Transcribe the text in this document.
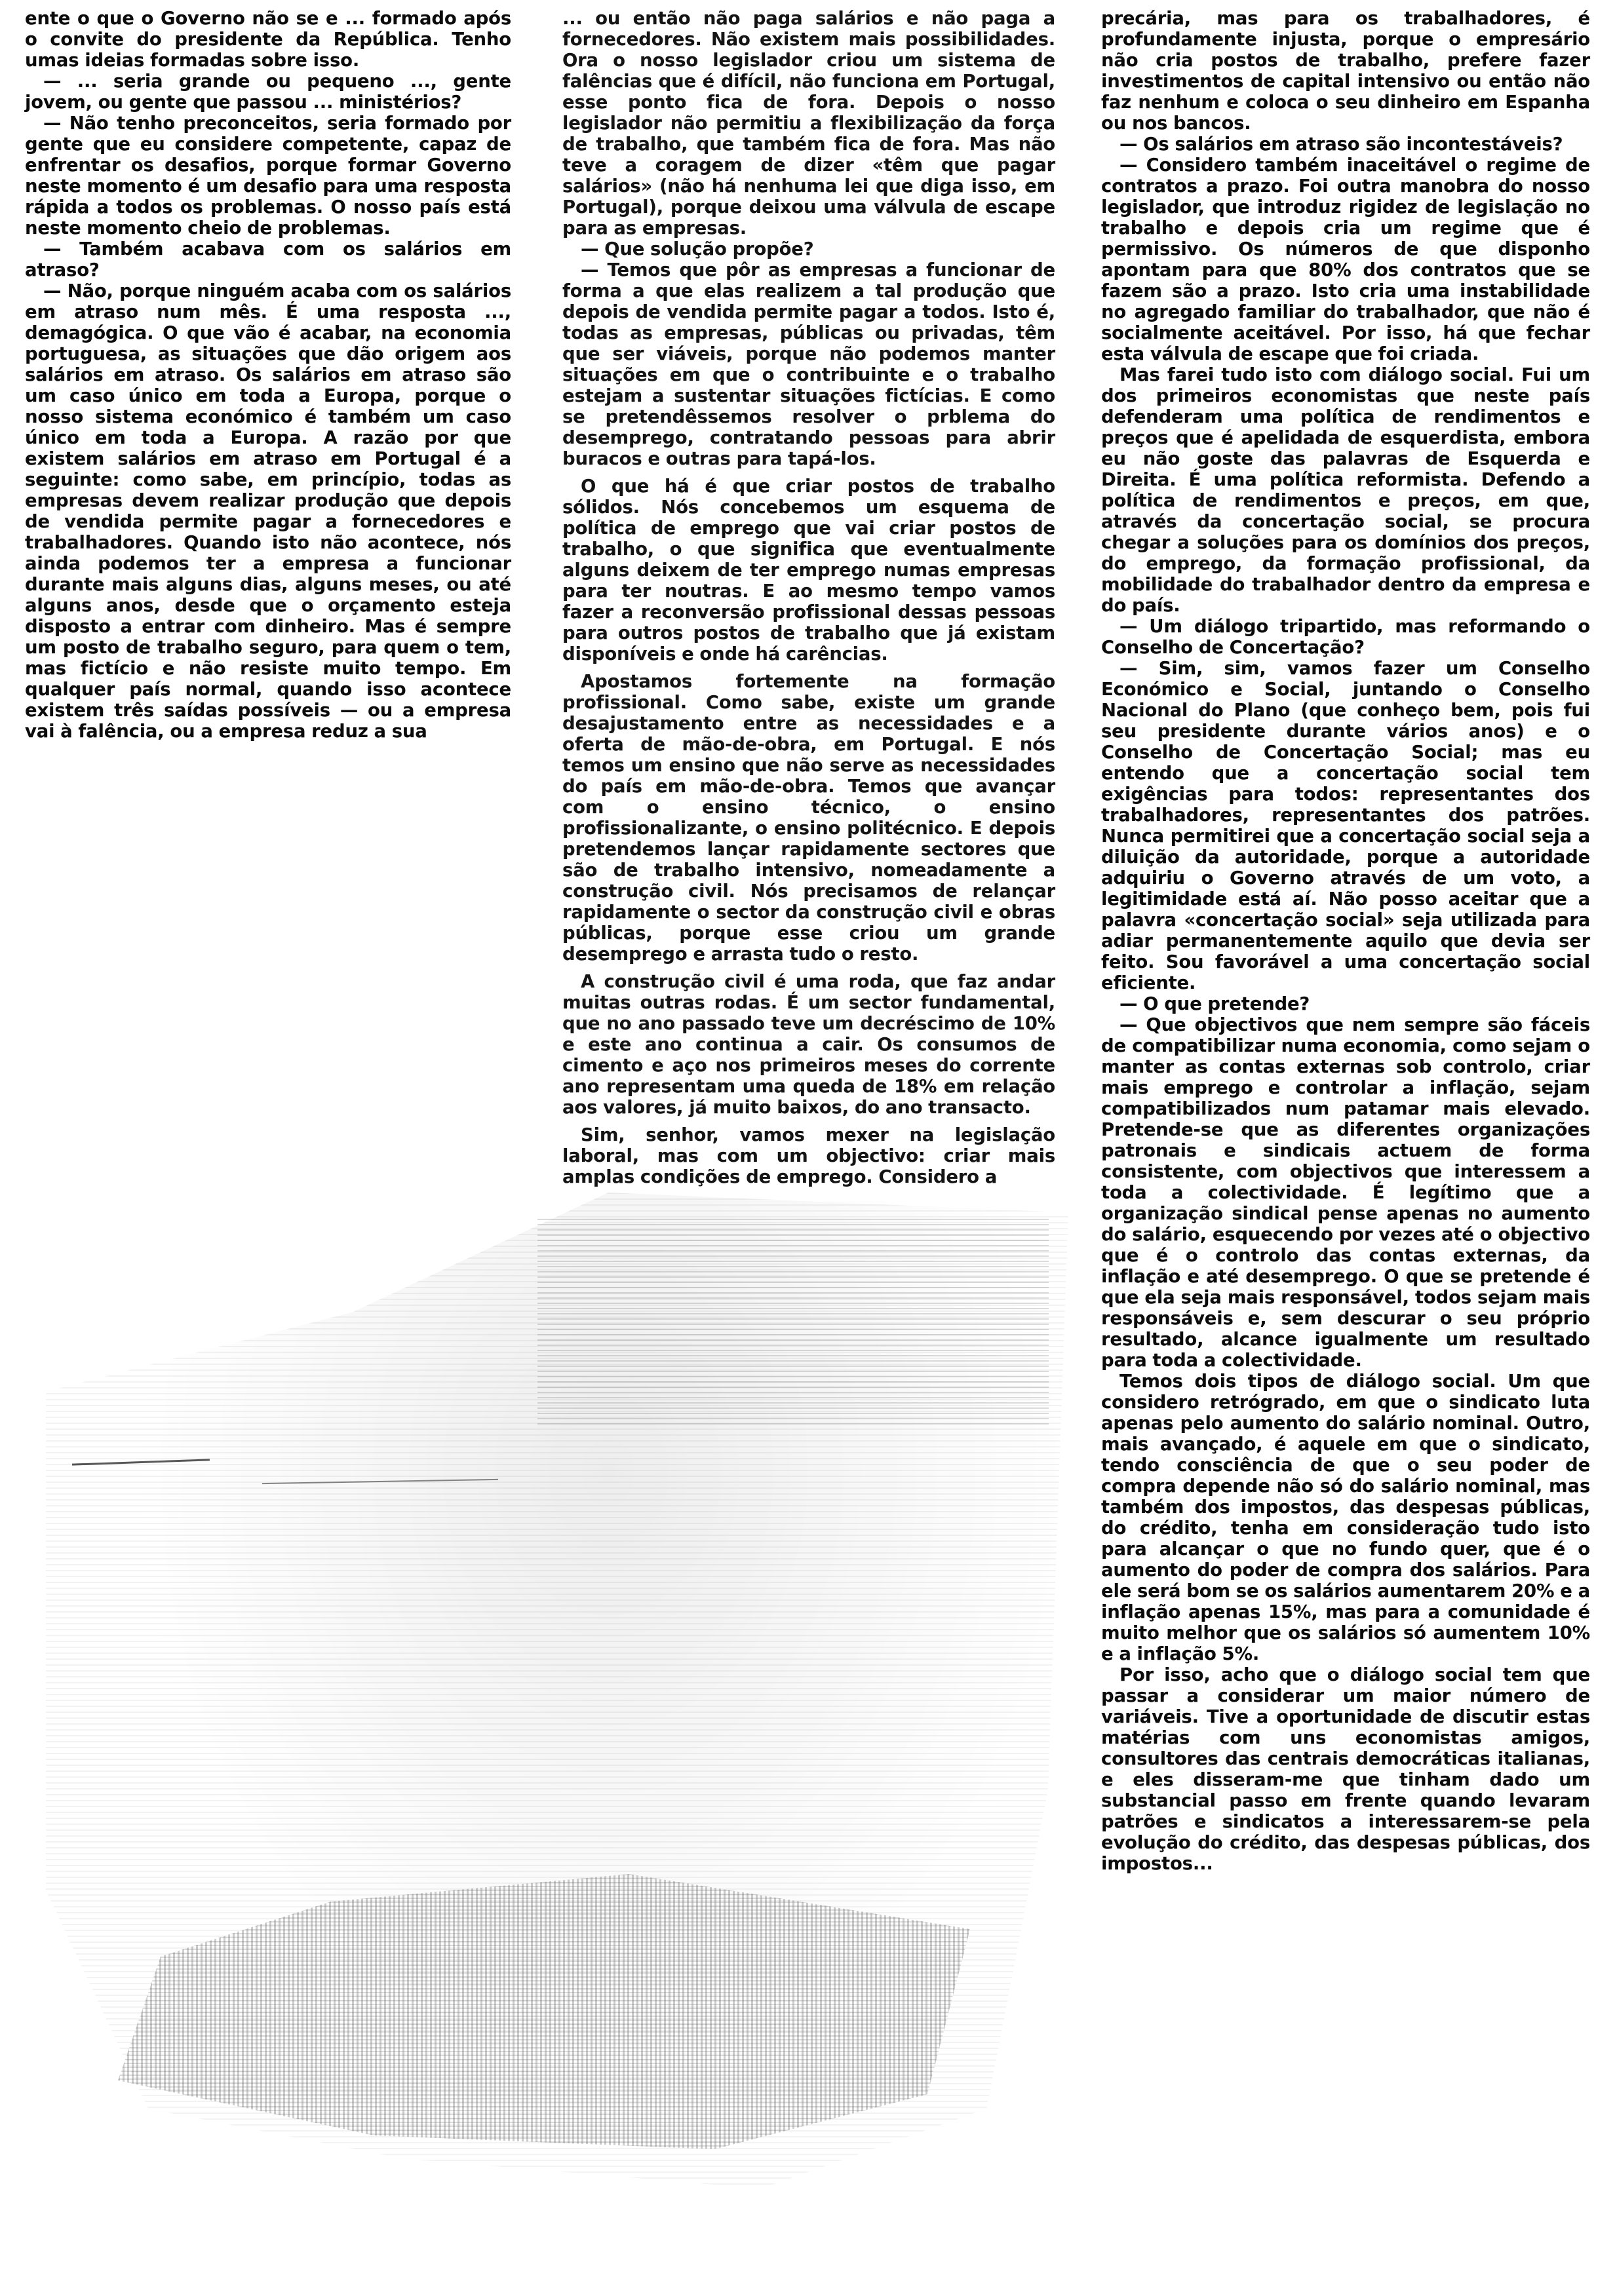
ente o que o Governo não se e ... formado após o convite do presidente da República. Tenho umas ideias formadas sobre isso.

— ... seria grande ou pequeno ..., gente jovem, ou gente que passou ... ministérios?

— Não tenho preconceitos, seria formado por gente que eu considere competente, capaz de enfrentar os desafios, porque formar Governo neste momento é um desafio para uma resposta rápida a todos os problemas. O nosso país está neste momento cheio de problemas.

— Também acabava com os salários em atraso?

— Não, porque ninguém acaba com os salários em atraso num mês. É uma resposta ..., demagógica. O que vão é acabar, na economia portuguesa, as situações que dão origem aos salários em atraso. Os salários em atraso são um caso único em toda a Europa, porque o nosso sistema económico é também um caso único em toda a Europa. A razão por que existem salários em atraso em Portugal é a seguinte: como sabe, em princípio, todas as empresas devem realizar produção que depois de vendida permite pagar a fornecedores e trabalhadores. Quando isto não acontece, nós ainda podemos ter a empresa a funcionar durante mais alguns dias, alguns meses, ou até alguns anos, desde que o orçamento esteja disposto a entrar com dinheiro. Mas é sempre um posto de trabalho seguro, para quem o tem, mas fictício e não resiste muito tempo. Em qualquer país normal, quando isso acontece existem três saídas possíveis — ou a empresa vai à falência, ou a empresa reduz a sua

... ou então não paga salários e não paga a fornecedores. Não existem mais possibilidades. Ora o nosso legislador criou um sistema de falências que é difícil, não funciona em Portugal, esse ponto fica de fora. Depois o nosso legislador não permitiu a flexibilização da força de trabalho, que também fica de fora. Mas não teve a coragem de dizer «têm que pagar salários» (não há nenhuma lei que diga isso, em Portugal), porque deixou uma válvula de escape para as empresas.

— Que solução propõe?

— Temos que pôr as empresas a funcionar de forma a que elas realizem a tal produção que depois de vendida permite pagar a todos. Isto é, todas as empresas, públicas ou privadas, têm que ser viáveis, porque não podemos manter situações em que o contribuinte e o trabalho estejam a sustentar situações fictícias. E como se pretendêssemos resolver o prblema do desemprego, contratando pessoas para abrir buracos e outras para tapá-los.

O que há é que criar postos de trabalho sólidos. Nós concebemos um esquema de política de emprego que vai criar postos de trabalho, o que significa que eventualmente alguns deixem de ter emprego numas empresas para ter noutras. E ao mesmo tempo vamos fazer a reconversão profissional dessas pessoas para outros postos de trabalho que já existam disponíveis e onde há carências.

Apostamos fortemente na formação profissional. Como sabe, existe um grande desajustamento entre as necessidades e a oferta de mão-de-obra, em Portugal. E nós temos um ensino que não serve as necessidades do país em mão-de-obra. Temos que avançar com o ensino técnico, o ensino profissionalizante, o ensino politécnico. E depois pretendemos lançar rapidamente sectores que são de trabalho intensivo, nomeadamente a construção civil. Nós precisamos de relançar rapidamente o sector da construção civil e obras públicas, porque esse criou um grande desemprego e arrasta tudo o resto.

A construção civil é uma roda, que faz andar muitas outras rodas. É um sector fundamental, que no ano passado teve um decréscimo de 10% e este ano continua a cair. Os consumos de cimento e aço nos primeiros meses do corrente ano representam uma queda de 18% em relação aos valores, já muito baixos, do ano transacto.

Sim, senhor, vamos mexer na legislação laboral, mas com um objectivo: criar mais amplas condições de emprego. Considero a

precária, mas para os trabalhadores, é profundamente injusta, porque o empresário não cria postos de trabalho, prefere fazer investimentos de capital intensivo ou então não faz nenhum e coloca o seu dinheiro em Espanha ou nos bancos.

— Os salários em atraso são incontestáveis?

— Considero também inaceitável o regime de contratos a prazo. Foi outra manobra do nosso legislador, que introduz rigidez de legislação no trabalho e depois cria um regime que é permissivo. Os números de que disponho apontam para que 80% dos contratos que se fazem são a prazo. Isto cria uma instabilidade no agregado familiar do trabalhador, que não é socialmente aceitável. Por isso, há que fechar esta válvula de escape que foi criada.

Mas farei tudo isto com diálogo social. Fui um dos primeiros economistas que neste país defenderam uma política de rendimentos e preços que é apelidada de esquerdista, embora eu não goste das palavras de Esquerda e Direita. É uma política reformista. Defendo a política de rendimentos e preços, em que, através da concertação social, se procura chegar a soluções para os domínios dos preços, do emprego, da formação profissional, da mobilidade do trabalhador dentro da empresa e do país.

— Um diálogo tripartido, mas reformando o Conselho de Concertação?

— Sim, sim, vamos fazer um Conselho Económico e Social, juntando o Conselho Nacional do Plano (que conheço bem, pois fui seu presidente durante vários anos) e o Conselho de Concertação Social; mas eu entendo que a concertação social tem exigências para todos: representantes dos trabalhadores, representantes dos patrões. Nunca permitirei que a concertação social seja a diluição da autoridade, porque a autoridade adquiriu o Governo através de um voto, a legitimidade está aí. Não posso aceitar que a palavra «concertação social» seja utilizada para adiar permanentemente aquilo que devia ser feito. Sou favorável a uma concertação social eficiente.

— O que pretende?

— Que objectivos que nem sempre são fáceis de compatibilizar numa economia, como sejam o manter as contas externas sob controlo, criar mais emprego e controlar a inflação, sejam compatibilizados num patamar mais elevado. Pretende-se que as diferentes organizações patronais e sindicais actuem de forma consistente, com objectivos que interessem a toda a colectividade. É legítimo que a organização sindical pense apenas no aumento do salário, esquecendo por vezes até o objectivo que é o controlo das contas externas, da inflação e até desemprego. O que se pretende é que ela seja mais responsável, todos sejam mais responsáveis e, sem descurar o seu próprio resultado, alcance igualmente um resultado para toda a colectividade.

Temos dois tipos de diálogo social. Um que considero retrógrado, em que o sindicato luta apenas pelo aumento do salário nominal. Outro, mais avançado, é aquele em que o sindicato, tendo consciência de que o seu poder de compra depende não só do salário nominal, mas também dos impostos, das despesas públicas, do crédito, tenha em consideração tudo isto para alcançar o que no fundo quer, que é o aumento do poder de compra dos salários. Para ele será bom se os salários aumentarem 20% e a inflação apenas 15%, mas para a comunidade é muito melhor que os salários só aumentem 10% e a inflação 5%.

Por isso, acho que o diálogo social tem que passar a considerar um maior número de variáveis. Tive a oportunidade de discutir estas matérias com uns economistas amigos, consultores das centrais democráticas italianas, e eles disseram-me que tinham dado um substancial passo em frente quando levaram patrões e sindicatos a interessarem-se pela evolução do crédito, das despesas públicas, dos impostos...
